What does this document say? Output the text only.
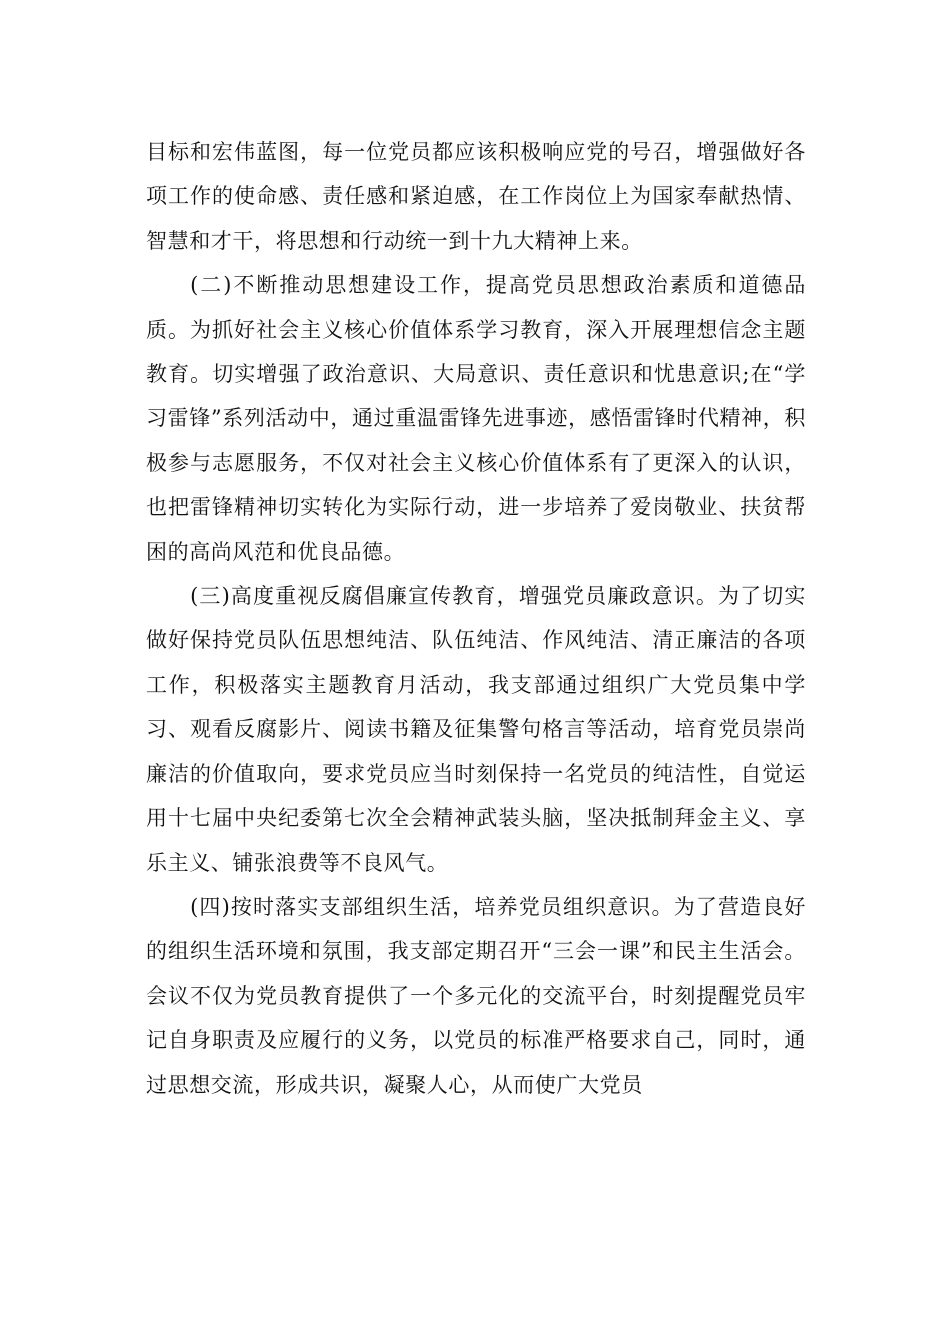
目标和宏伟蓝图，每一位党员都应该积极响应党的号召，增强做好各项工作的使命感、责任感和紧迫感，在工作岗位上为国家奉献热情、智慧和才干，将思想和行动统一到十九大精神上来。

(二)不断推动思想建设工作，提高党员思想政治素质和道德品质。为抓好社会主义核心价值体系学习教育，深入开展理想信念主题教育。切实增强了政治意识、大局意识、责任意识和忧患意识;在“学习雷锋”系列活动中，通过重温雷锋先进事迹，感悟雷锋时代精神，积极参与志愿服务，不仅对社会主义核心价值体系有了更深入的认识，也把雷锋精神切实转化为实际行动，进一步培养了爱岗敬业、扶贫帮困的高尚风范和优良品德。

(三)高度重视反腐倡廉宣传教育，增强党员廉政意识。为了切实做好保持党员队伍思想纯洁、队伍纯洁、作风纯洁、清正廉洁的各项工作，积极落实主题教育月活动，我支部通过组织广大党员集中学习、观看反腐影片、阅读书籍及征集警句格言等活动，培育党员崇尚廉洁的价值取向，要求党员应当时刻保持一名党员的纯洁性，自觉运用十七届中央纪委第七次全会精神武装头脑，坚决抵制拜金主义、享乐主义、铺张浪费等不良风气。

(四)按时落实支部组织生活，培养党员组织意识。为了营造良好的组织生活环境和氛围，我支部定期召开“三会一课”和民主生活会。会议不仅为党员教育提供了一个多元化的交流平台，时刻提醒党员牢记自身职责及应履行的义务，以党员的标准严格要求自己，同时，通过思想交流，形成共识，凝聚人心，从而使广大党员
